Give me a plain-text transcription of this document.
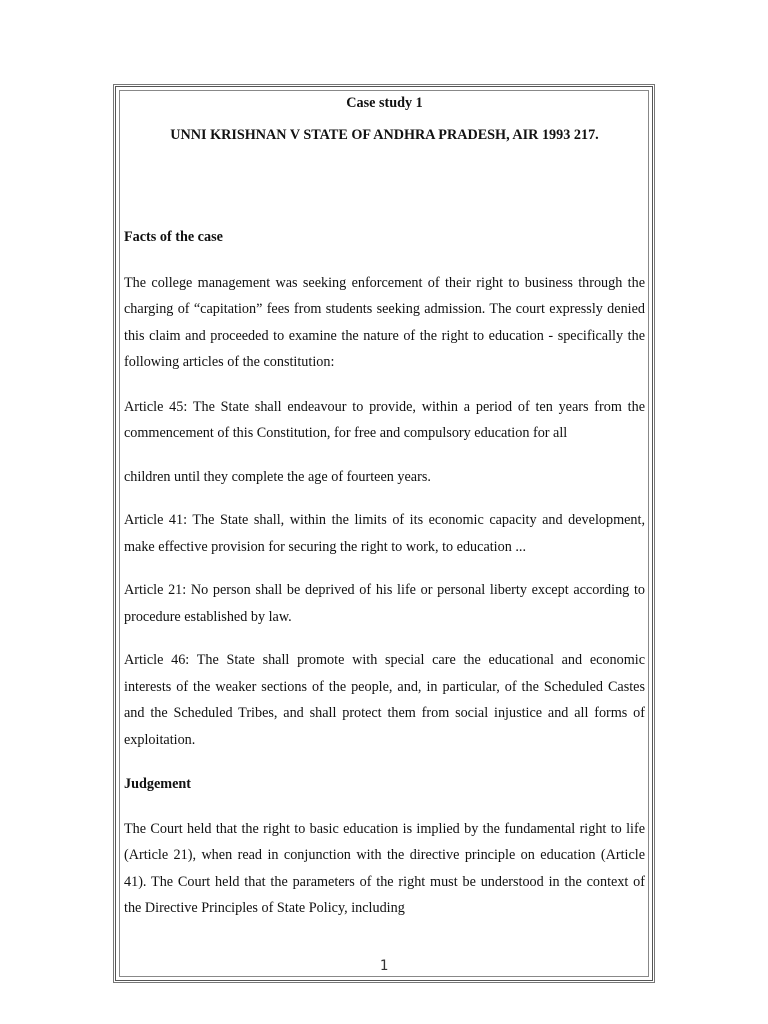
Case study 1

UNNI KRISHNAN V STATE OF ANDHRA PRADESH, AIR 1993 217.

Facts of the case

The college management was seeking enforcement of their right to business through the charging of “capitation” fees from students seeking admission. The court expressly denied this claim and proceeded to examine the nature of the right to education - specifically the following articles of the constitution:

Article 45: The State shall endeavour to provide, within a period of ten years from the commencement of this Constitution, for free and compulsory education for all

children until they complete the age of fourteen years.

Article 41: The State shall, within the limits of its economic capacity and development, make effective provision for securing the right to work, to education ...

Article 21: No person shall be deprived of his life or personal liberty except according to procedure established by law.

Article 46: The State shall promote with special care the educational and economic interests of the weaker sections of the people, and, in particular, of the Scheduled Castes and the Scheduled Tribes, and shall protect them from social injustice and all forms of exploitation.

Judgement

The Court held that the right to basic education is implied by the fundamental right to life (Article 21), when read in conjunction with the directive principle on education (Article 41). The Court held that the parameters of the right must be understood in the context of the Directive Principles of State Policy, including

1
